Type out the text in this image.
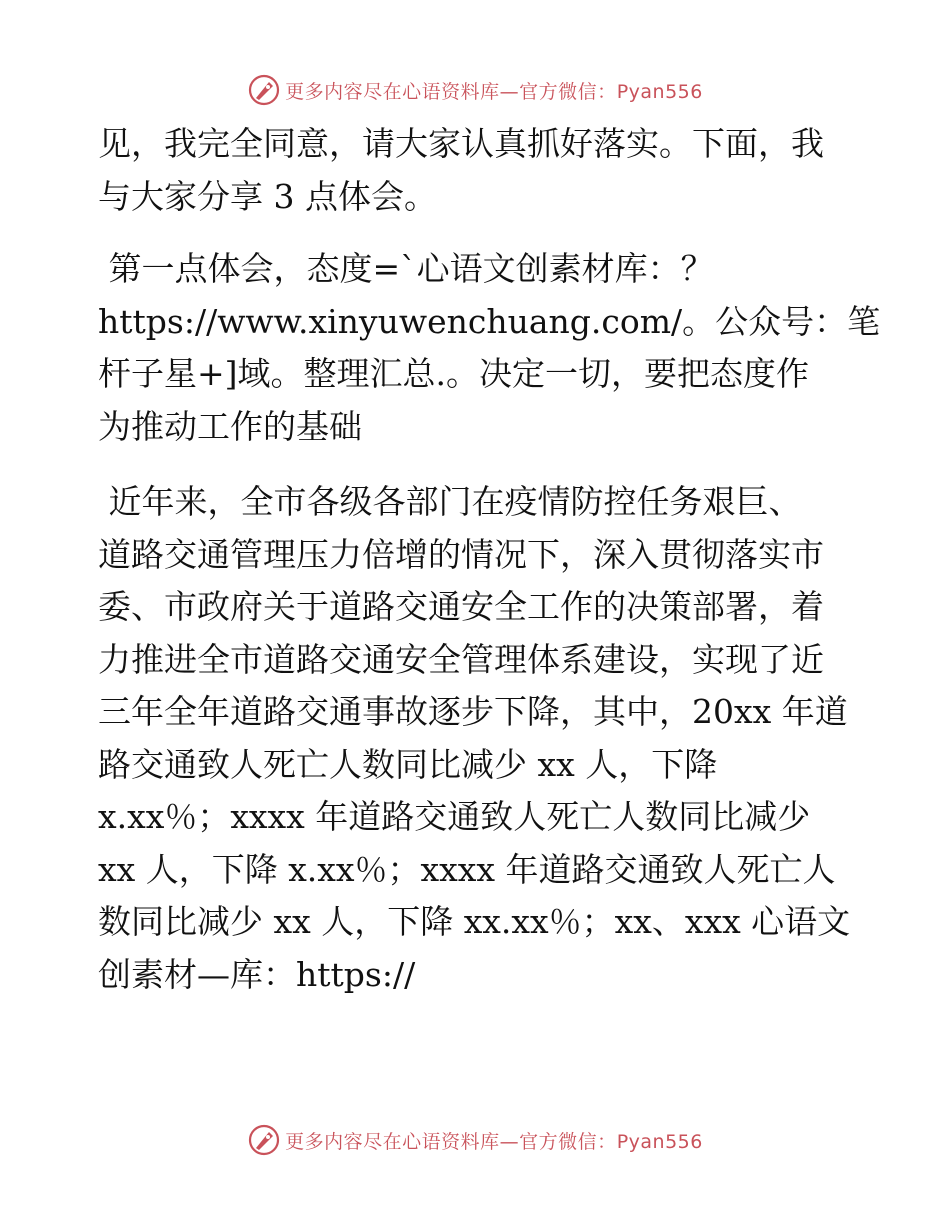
更多内容尽在心语资料库—官方微信：Pyan556

见，我完全同意，请大家认真抓好落实。下面，我
与大家分享 3 点体会。

第一点体会，态度=`心语文创素材库：？
https://www.xinyuwenchuang.com/。公众号：笔
杆子星+]域。整理汇总.。决定一切，要把态度作
为推动工作的基础

近年来，全市各级各部门在疫情防控任务艰巨、
道路交通管理压力倍增的情况下，深入贯彻落实市
委、市政府关于道路交通安全工作的决策部署，着
力推进全市道路交通安全管理体系建设，实现了近
三年全年道路交通事故逐步下降，其中，20xx 年道
路交通致人死亡人数同比减少 xx 人，下降
x.xx％；xxxx 年道路交通致人死亡人数同比减少
xx 人，下降 x.xx％；xxxx 年道路交通致人死亡人
数同比减少 xx 人，下降 xx.xx％；xx、xxx 心语文
创素材—库：https://

更多内容尽在心语资料库—官方微信：Pyan556
